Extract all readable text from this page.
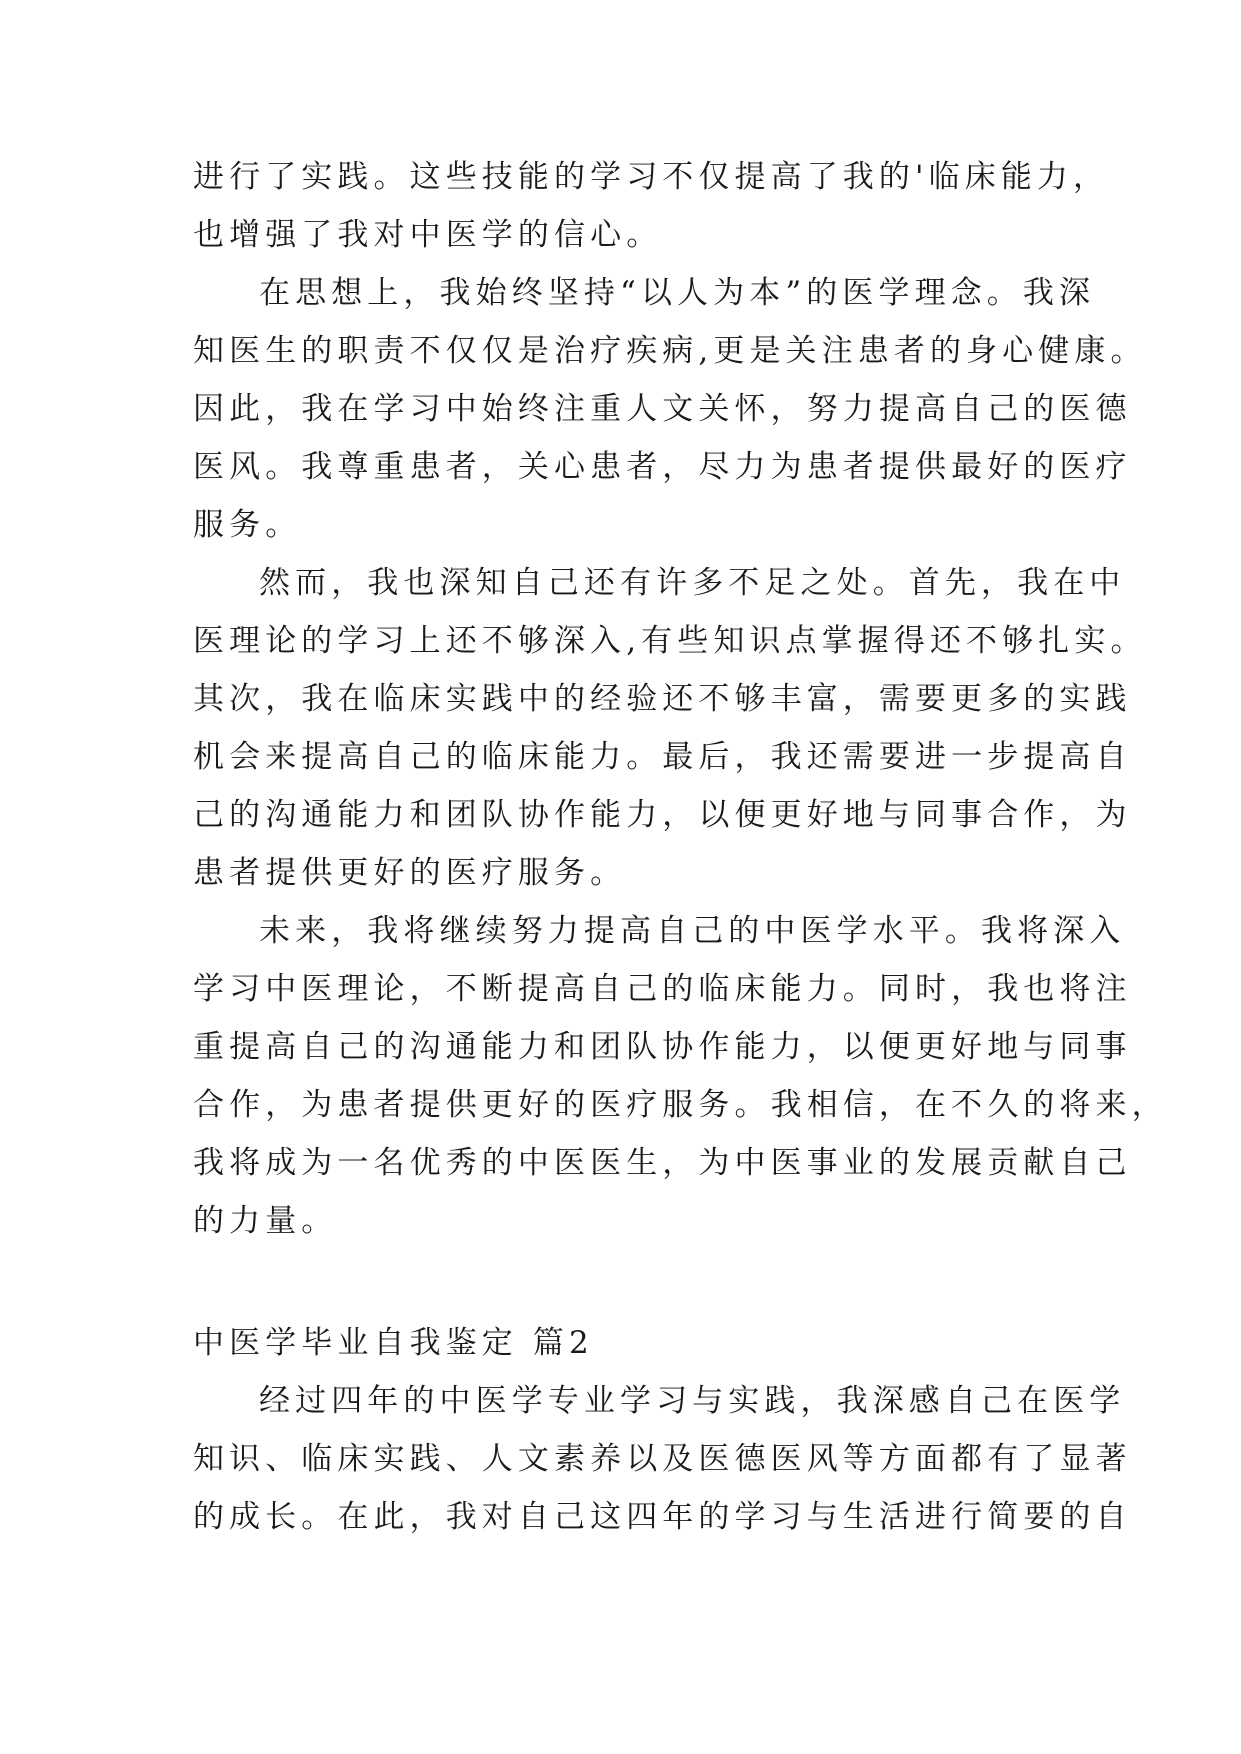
进行了实践。这些技能的学习不仅提高了我的'临床能力，
也增强了我对中医学的信心。
在思想上，我始终坚持“以人为本”的医学理念。我深
知医生的职责不仅仅是治疗疾病,更是关注患者的身心健康。
因此，我在学习中始终注重人文关怀，努力提高自己的医德
医风。我尊重患者，关心患者，尽力为患者提供最好的医疗
服务。
然而，我也深知自己还有许多不足之处。首先，我在中
医理论的学习上还不够深入,有些知识点掌握得还不够扎实。
其次，我在临床实践中的经验还不够丰富，需要更多的实践
机会来提高自己的临床能力。最后，我还需要进一步提高自
己的沟通能力和团队协作能力，以便更好地与同事合作，为
患者提供更好的医疗服务。
未来，我将继续努力提高自己的中医学水平。我将深入
学习中医理论，不断提高自己的临床能力。同时，我也将注
重提高自己的沟通能力和团队协作能力，以便更好地与同事
合作，为患者提供更好的医疗服务。我相信，在不久的将来，
我将成为一名优秀的中医医生，为中医事业的发展贡献自己
的力量。
中医学毕业自我鉴定 篇2
经过四年的中医学专业学习与实践，我深感自己在医学
知识、临床实践、人文素养以及医德医风等方面都有了显著
的成长。在此，我对自己这四年的学习与生活进行简要的自
